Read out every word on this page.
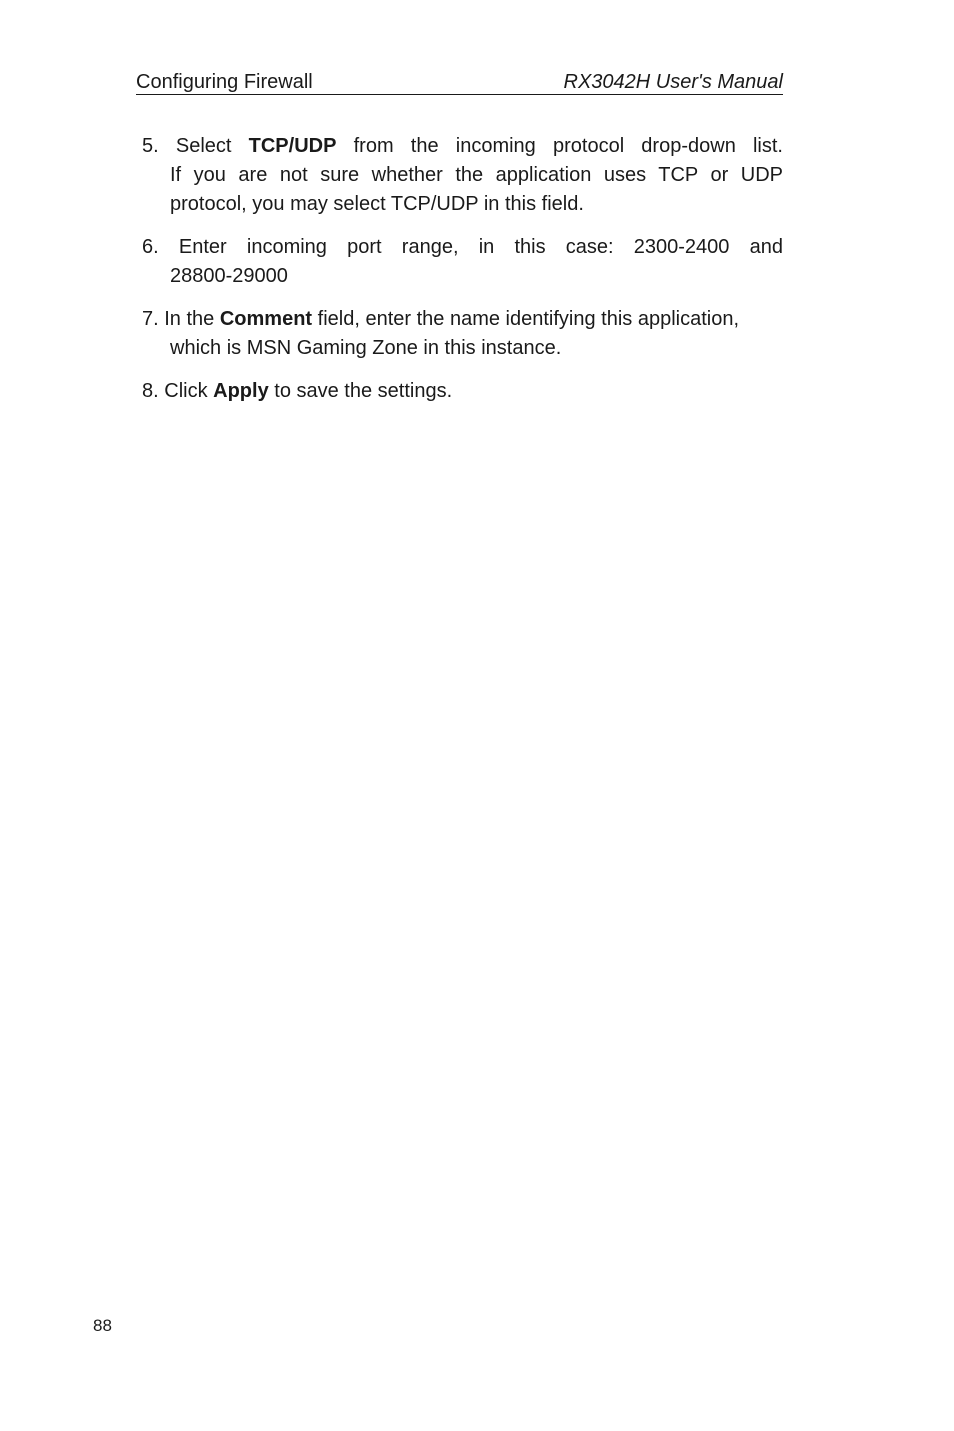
Configuring Firewall	RX3042H User's Manual
5. Select TCP/UDP from the incoming protocol drop-down list.
If you are not sure whether the application uses TCP or UDP
protocol, you may select TCP/UDP in this field.
6. Enter incoming port range, in this case: 2300-2400 and
28800-29000
7. In the Comment field, enter the name identifying this application,
which is MSN Gaming Zone in this instance.
8. Click Apply to save the settings.
88
